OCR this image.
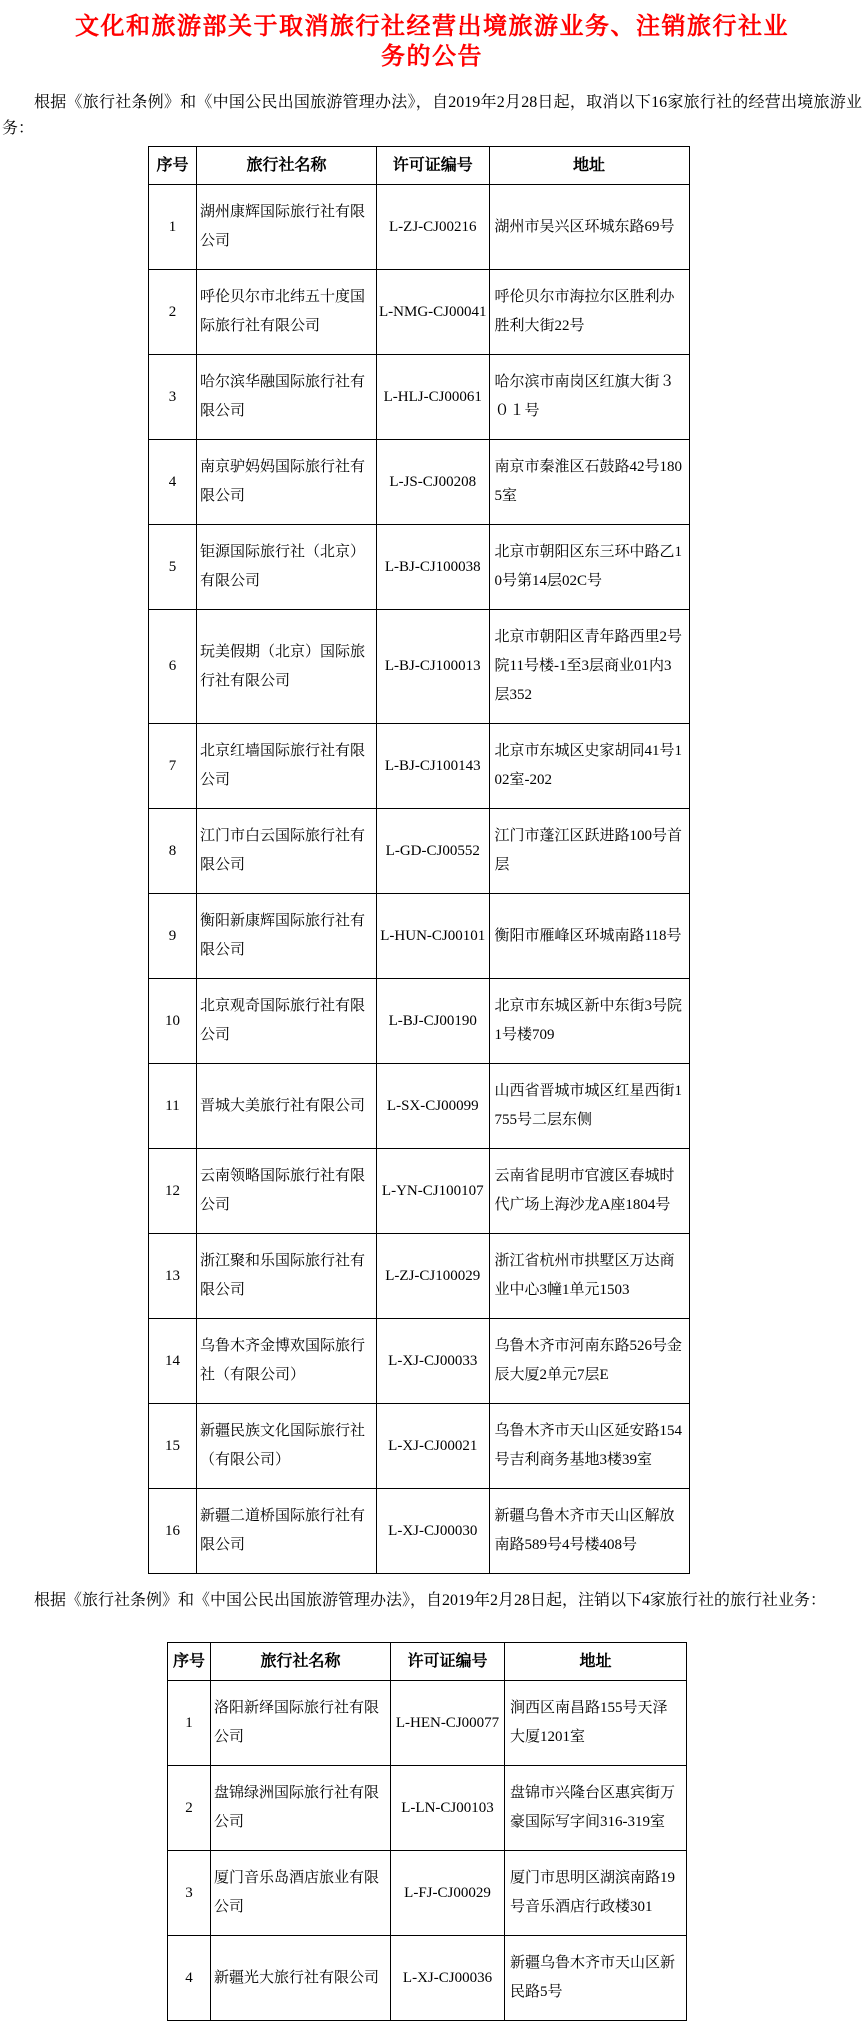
文化和旅游部关于取消旅行社经营出境旅游业务、注销旅行社业务的公告

根据《旅行社条例》和《中国公民出国旅游管理办法》，自2019年2月28日起，取消以下16家旅行社的经营出境旅游业务：

序号	旅行社名称	许可证编号	地址
1	湖州康辉国际旅行社有限公司	L-ZJ-CJ00216	湖州市吴兴区环城东路69号
2	呼伦贝尔市北纬五十度国际旅行社有限公司	L-NMG-CJ00041	呼伦贝尔市海拉尔区胜利办胜利大街22号
3	哈尔滨华融国际旅行社有限公司	L-HLJ-CJ00061	哈尔滨市南岗区红旗大街３０１号
4	南京驴妈妈国际旅行社有限公司	L-JS-CJ00208	南京市秦淮区石鼓路42号1805室
5	钜源国际旅行社（北京）有限公司	L-BJ-CJ100038	北京市朝阳区东三环中路乙10号第14层02C号
6	玩美假期（北京）国际旅行社有限公司	L-BJ-CJ100013	北京市朝阳区青年路西里2号院11号楼-1至3层商业01内3层352
7	北京红墙国际旅行社有限公司	L-BJ-CJ100143	北京市东城区史家胡同41号102室-202
8	江门市白云国际旅行社有限公司	L-GD-CJ00552	江门市蓬江区跃进路100号首层
9	衡阳新康辉国际旅行社有限公司	L-HUN-CJ00101	衡阳市雁峰区环城南路118号
10	北京观奇国际旅行社有限公司	L-BJ-CJ00190	北京市东城区新中东街3号院1号楼709
11	晋城大美旅行社有限公司	L-SX-CJ00099	山西省晋城市城区红星西街1755号二层东侧
12	云南领略国际旅行社有限公司	L-YN-CJ100107	云南省昆明市官渡区春城时代广场上海沙龙A座1804号
13	浙江聚和乐国际旅行社有限公司	L-ZJ-CJ100029	浙江省杭州市拱墅区万达商业中心3幢1单元1503
14	乌鲁木齐金博欢国际旅行社（有限公司）	L-XJ-CJ00033	乌鲁木齐市河南东路526号金辰大厦2单元7层E
15	新疆民族文化国际旅行社（有限公司）	L-XJ-CJ00021	乌鲁木齐市天山区延安路154号吉利商务基地3楼39室
16	新疆二道桥国际旅行社有限公司	L-XJ-CJ00030	新疆乌鲁木齐市天山区解放南路589号4号楼408号

根据《旅行社条例》和《中国公民出国旅游管理办法》，自2019年2月28日起，注销以下4家旅行社的旅行社业务：

序号	旅行社名称	许可证编号	地址
1	洛阳新绎国际旅行社有限公司	L-HEN-CJ00077	涧西区南昌路155号天泽大厦1201室
2	盘锦绿洲国际旅行社有限公司	L-LN-CJ00103	盘锦市兴隆台区惠宾街万豪国际写字间316-319室
3	厦门音乐岛酒店旅业有限公司	L-FJ-CJ00029	厦门市思明区湖滨南路19号音乐酒店行政楼301
4	新疆光大旅行社有限公司	L-XJ-CJ00036	新疆乌鲁木齐市天山区新民路5号
